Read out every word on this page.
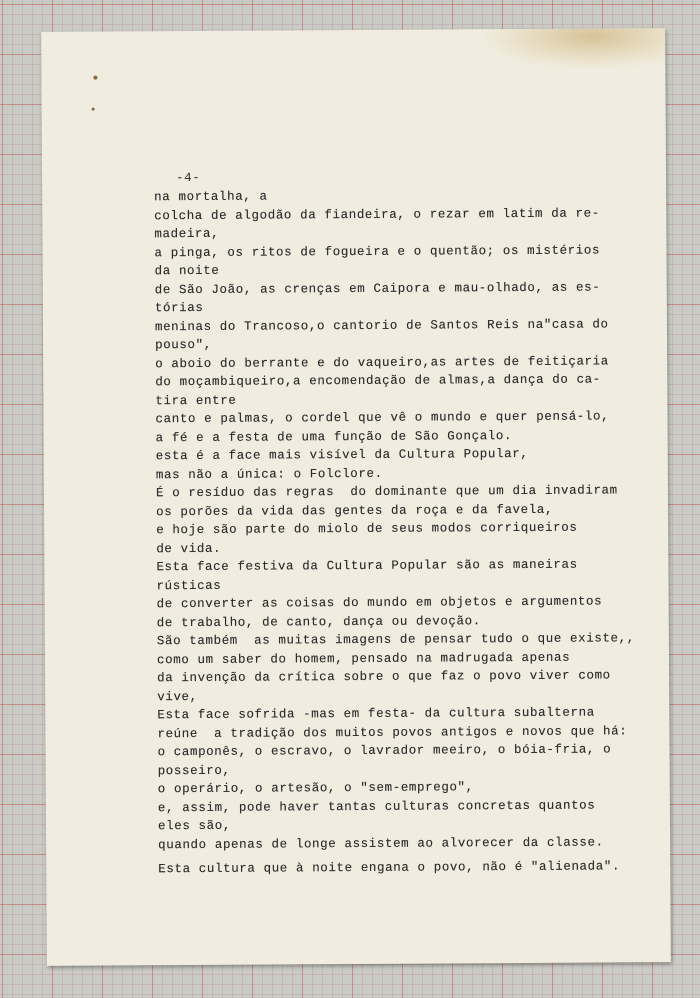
-4-

na mortalha, a
colcha de algodão da fiandeira, o rezar em latim da re-
madeira,
a pinga, os ritos de fogueira e o quentão; os mistérios
da noite
de São João, as crenças em Caipora e mau-olhado, as es-
tórias
meninas do Trancoso,o cantorio de Santos Reis na"casa do
pouso",
o aboio do berrante e do vaqueiro,as artes de feitiçaria
do moçambiqueiro,a encomendação de almas,a dança do ca-
tira entre
canto e palmas, o cordel que vê o mundo e quer pensá-lo,
a fé e a festa de uma função de São Gonçalo.
esta é a face mais visível da Cultura Popular,
mas não a única: o Folclore.
É o resíduo das regras  do dominante que um dia invadiram
os porões da vida das gentes da roça e da favela,
e hoje são parte do miolo de seus modos corriqueiros
de vida.
Esta face festiva da Cultura Popular são as maneiras
rústicas
de converter as coisas do mundo em objetos e argumentos
de trabalho, de canto, dança ou devoção.
São também  as muitas imagens de pensar tudo o que existe,,
como um saber do homem, pensado na madrugada apenas
da invenção da crítica sobre o que faz o povo viver como
vive,
Esta face sofrida -mas em festa- da cultura subalterna
reúne  a tradição dos muitos povos antigos e novos que há:
o camponês, o escravo, o lavrador meeiro, o bóia-fria, o
posseiro,
o operário, o artesão, o "sem-emprego",
e, assim, pode haver tantas culturas concretas quantos
eles são,
quando apenas de longe assistem ao alvorecer da classe.
Esta cultura que à noite engana o povo, não é "alienada".
